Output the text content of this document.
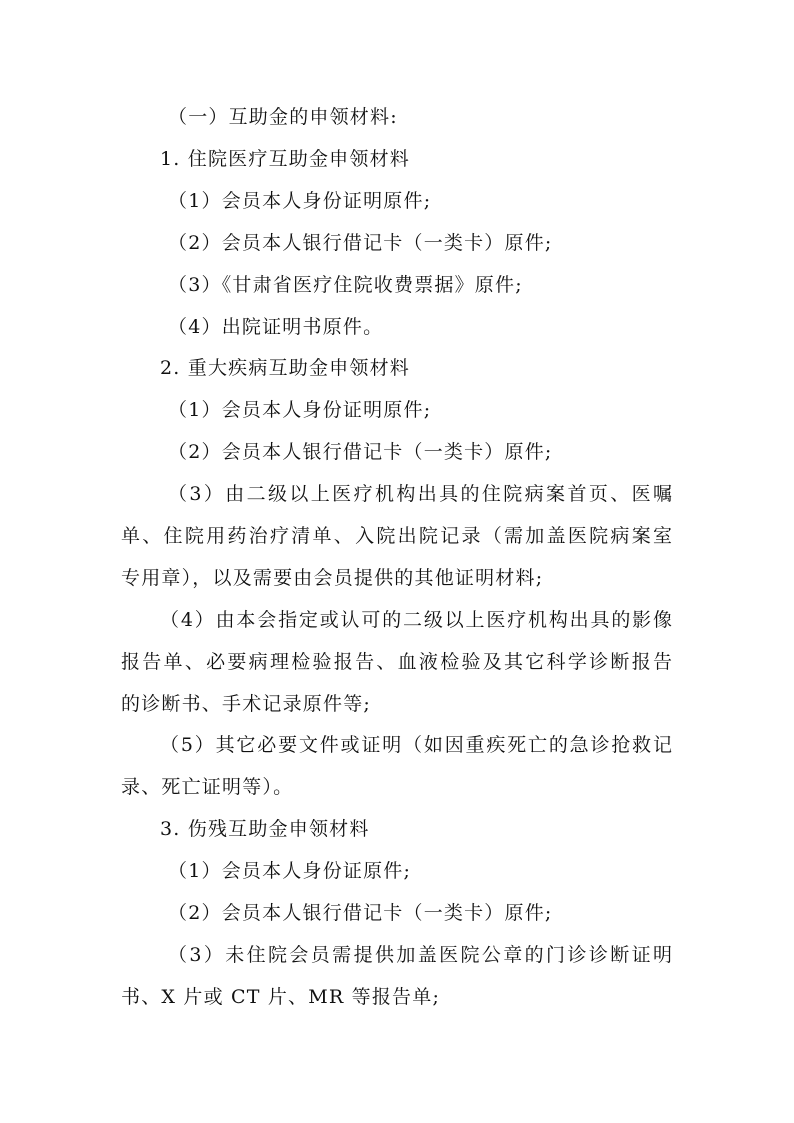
（一）互助金的申领材料:
1. 住院医疗互助金申领材料
（1）会员本人身份证明原件;
（2）会员本人银行借记卡（一类卡）原件;
（3）《甘肃省医疗住院收费票据》原件;
（4）出院证明书原件。
2. 重大疾病互助金申领材料
（1）会员本人身份证明原件;
（2）会员本人银行借记卡（一类卡）原件;
（3）由二级以上医疗机构出具的住院病案首页、医嘱
单、住院用药治疗清单、入院出院记录（需加盖医院病案室
专用章），以及需要由会员提供的其他证明材料;
（4）由本会指定或认可的二级以上医疗机构出具的影像
报告单、必要病理检验报告、血液检验及其它科学诊断报告
的诊断书、手术记录原件等;
（5）其它必要文件或证明（如因重疾死亡的急诊抢救记
录、死亡证明等）。
3. 伤残互助金申领材料
（1）会员本人身份证原件;
（2）会员本人银行借记卡（一类卡）原件;
（3）未住院会员需提供加盖医院公章的门诊诊断证明
书、X 片或 CT 片、MR 等报告单;
